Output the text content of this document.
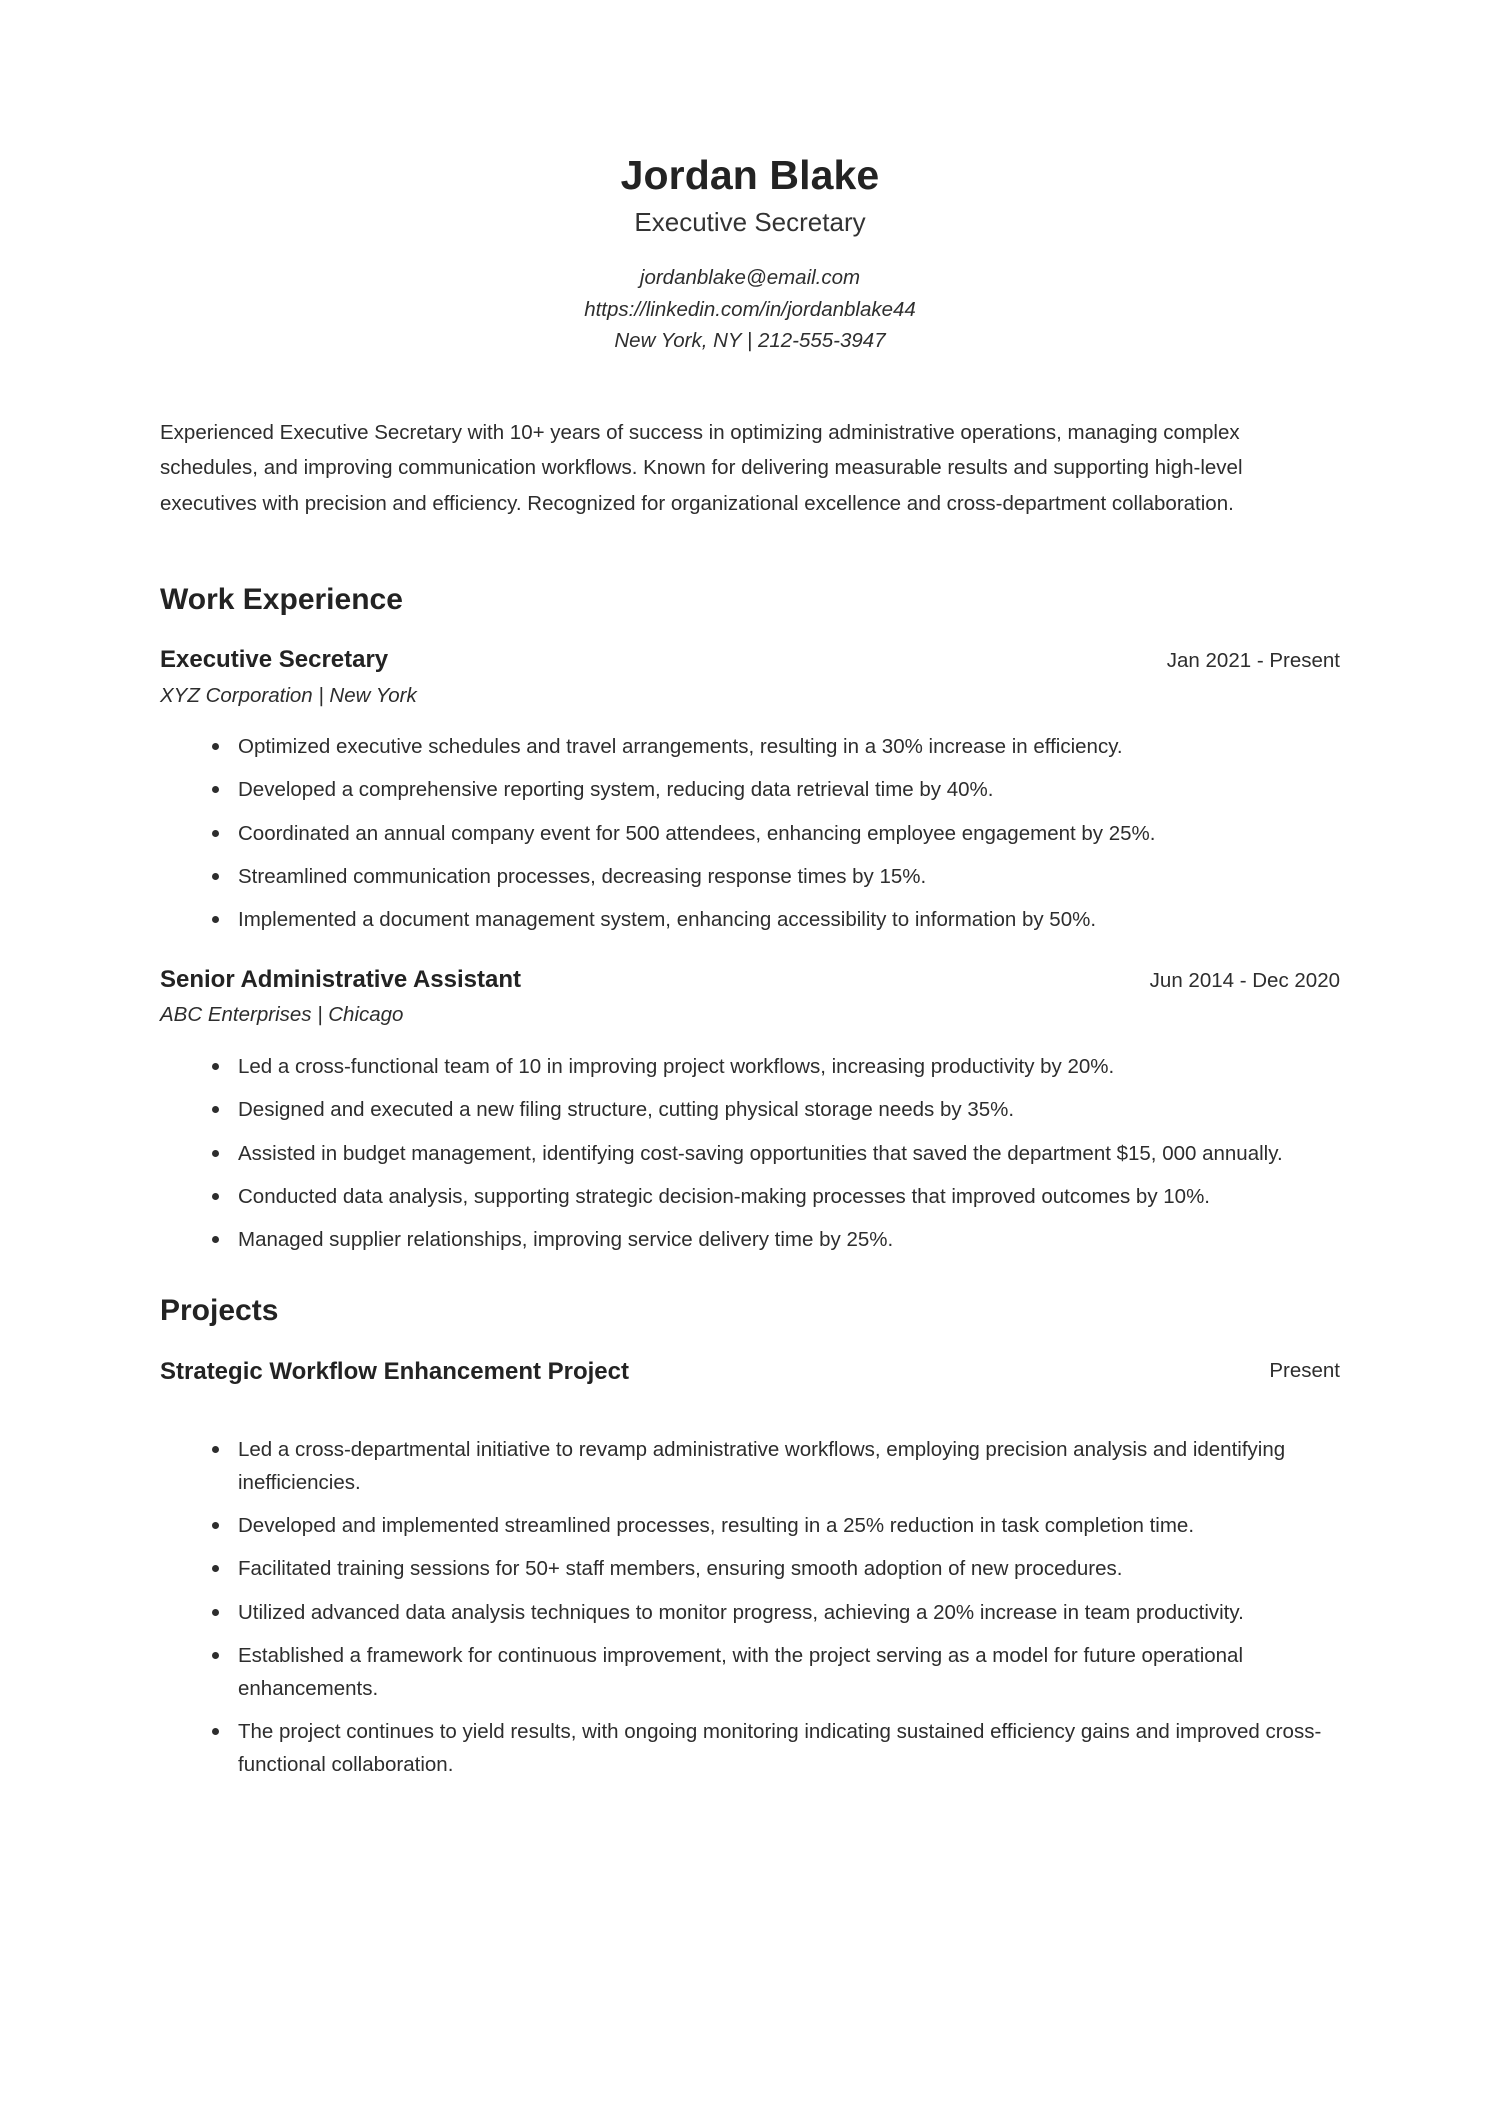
Jordan Blake
Executive Secretary
jordanblake@email.com
https://linkedin.com/in/jordanblake44
New York, NY | 212-555-3947

Experienced Executive Secretary with 10+ years of success in optimizing administrative operations, managing complex schedules, and improving communication workflows. Known for delivering measurable results and supporting high-level executives with precision and efficiency. Recognized for organizational excellence and cross-department collaboration.

Work Experience
Executive Secretary	Jan 2021 - Present
XYZ Corporation | New York
Optimized executive schedules and travel arrangements, resulting in a 30% increase in efficiency.
Developed a comprehensive reporting system, reducing data retrieval time by 40%.
Coordinated an annual company event for 500 attendees, enhancing employee engagement by 25%.
Streamlined communication processes, decreasing response times by 15%.
Implemented a document management system, enhancing accessibility to information by 50%.
Senior Administrative Assistant	Jun 2014 - Dec 2020
ABC Enterprises | Chicago
Led a cross-functional team of 10 in improving project workflows, increasing productivity by 20%.
Designed and executed a new filing structure, cutting physical storage needs by 35%.
Assisted in budget management, identifying cost-saving opportunities that saved the department $15, 000 annually.
Conducted data analysis, supporting strategic decision-making processes that improved outcomes by 10%.
Managed supplier relationships, improving service delivery time by 25%.
Projects
Strategic Workflow Enhancement Project	Present
Led a cross-departmental initiative to revamp administrative workflows, employing precision analysis and identifying inefficiencies.
Developed and implemented streamlined processes, resulting in a 25% reduction in task completion time.
Facilitated training sessions for 50+ staff members, ensuring smooth adoption of new procedures.
Utilized advanced data analysis techniques to monitor progress, achieving a 20% increase in team productivity.
Established a framework for continuous improvement, with the project serving as a model for future operational enhancements.
The project continues to yield results, with ongoing monitoring indicating sustained efficiency gains and improved cross-functional collaboration.
